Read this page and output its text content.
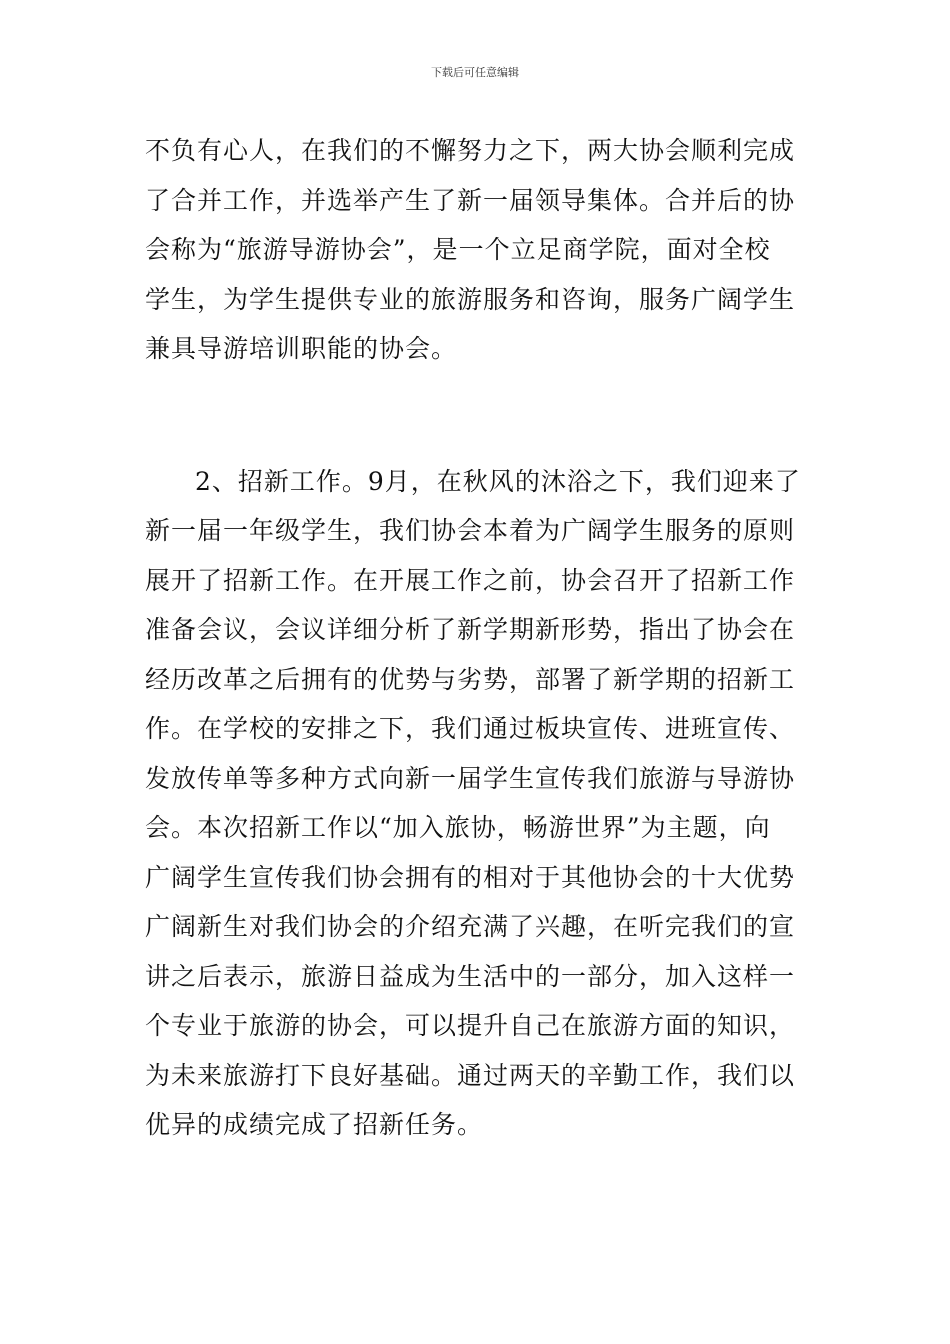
下载后可任意编辑
不负有心人，在我们的不懈努力之下，两大协会顺利完成
了合并工作，并选举产生了新一届领导集体。合并后的协
会称为“旅游导游协会”，是一个立足商学院，面对全校
学生，为学生提供专业的旅游服务和咨询，服务广阔学生
兼具导游培训职能的协会。
2、招新工作。9月，在秋风的沐浴之下，我们迎来了
新一届一年级学生，我们协会本着为广阔学生服务的原则
展开了招新工作。在开展工作之前，协会召开了招新工作
准备会议，会议详细分析了新学期新形势，指出了协会在
经历改革之后拥有的优势与劣势，部署了新学期的招新工
作。在学校的安排之下，我们通过板块宣传、进班宣传、
发放传单等多种方式向新一届学生宣传我们旅游与导游协
会。本次招新工作以“加入旅协，畅游世界”为主题，向
广阔学生宣传我们协会拥有的相对于其他协会的十大优势
广阔新生对我们协会的介绍充满了兴趣，在听完我们的宣
讲之后表示，旅游日益成为生活中的一部分，加入这样一
个专业于旅游的协会，可以提升自己在旅游方面的知识，
为未来旅游打下良好基础。通过两天的辛勤工作，我们以
优异的成绩完成了招新任务。
